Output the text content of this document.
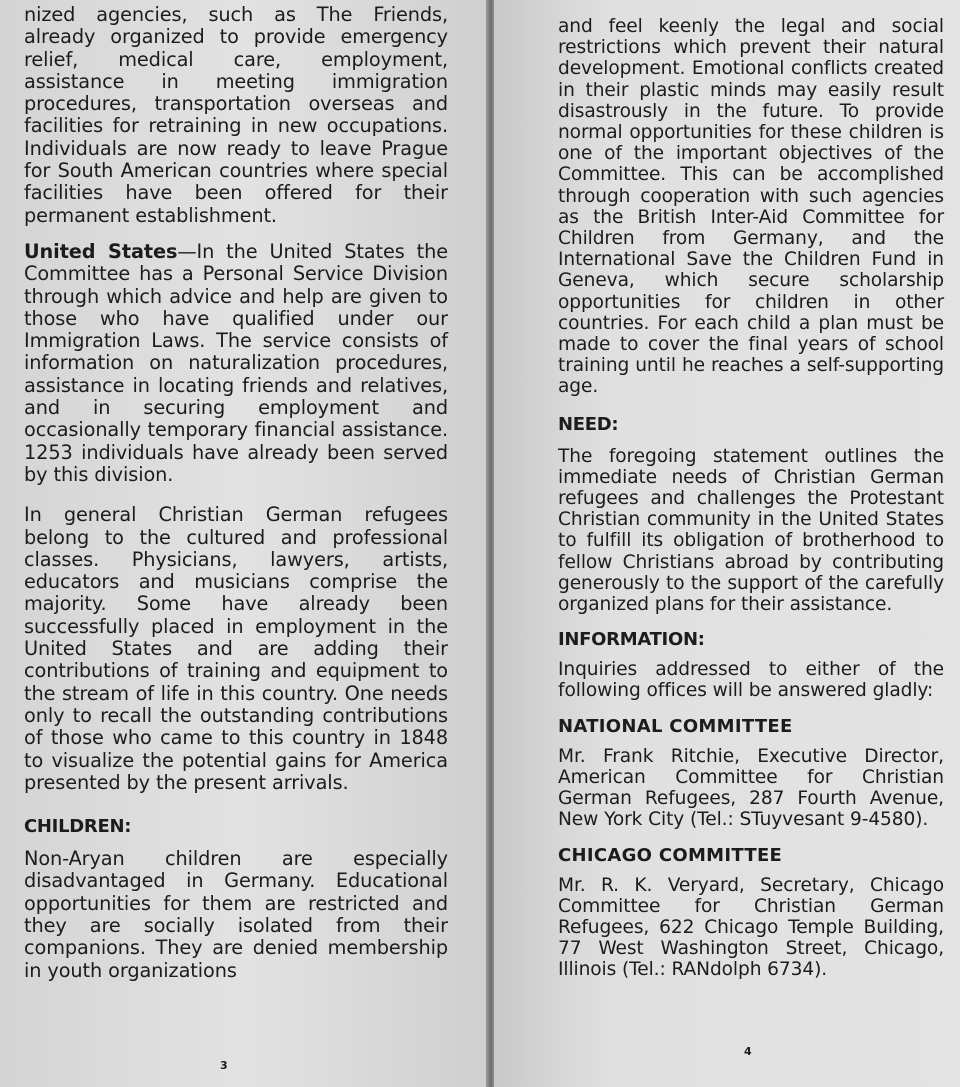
nized agencies, such as The Friends, already organized to provide emergency relief, medical care, employment, assistance in meeting immigration procedures, transportation overseas and facilities for retraining in new occupations. Individuals are now ready to leave Prague for South American countries where special facilities have been offered for their permanent establishment.

United States—In the United States the Committee has a Personal Service Division through which advice and help are given to those who have qualified under our Immigration Laws. The service consists of information on naturalization procedures, assistance in locating friends and relatives, and in securing employment and occasionally temporary financial assistance. 1253 individuals have already been served by this division.

In general Christian German refugees belong to the cultured and professional classes. Physicians, lawyers, artists, educators and musicians comprise the majority. Some have already been successfully placed in employment in the United States and are adding their contributions of training and equipment to the stream of life in this country. One needs only to recall the outstanding contributions of those who came to this country in 1848 to visualize the potential gains for America presented by the present arrivals.

CHILDREN:

Non-Aryan children are especially disadvantaged in Germany. Educational opportunities for them are restricted and they are socially isolated from their companions. They are denied membership in youth organizations

3

and feel keenly the legal and social restrictions which prevent their natural development. Emotional conflicts created in their plastic minds may easily result disastrously in the future. To provide normal opportunities for these children is one of the important objectives of the Committee. This can be accomplished through cooperation with such agencies as the British Inter-Aid Committee for Children from Germany, and the International Save the Children Fund in Geneva, which secure scholarship opportunities for children in other countries. For each child a plan must be made to cover the final years of school training until he reaches a self-supporting age.

NEED:

The foregoing statement outlines the immediate needs of Christian German refugees and challenges the Protestant Christian community in the United States to fulfill its obligation of brotherhood to fellow Christians abroad by contributing generously to the support of the carefully organized plans for their assistance.

INFORMATION:

Inquiries addressed to either of the following offices will be answered gladly:

NATIONAL COMMITTEE

Mr. Frank Ritchie, Executive Director, American Committee for Christian German Refugees, 287 Fourth Avenue, New York City (Tel.: STuyvesant 9-4580).

CHICAGO COMMITTEE

Mr. R. K. Veryard, Secretary, Chicago Committee for Christian German Refugees, 622 Chicago Temple Building, 77 West Washington Street, Chicago, Illinois (Tel.: RANdolph 6734).

4
